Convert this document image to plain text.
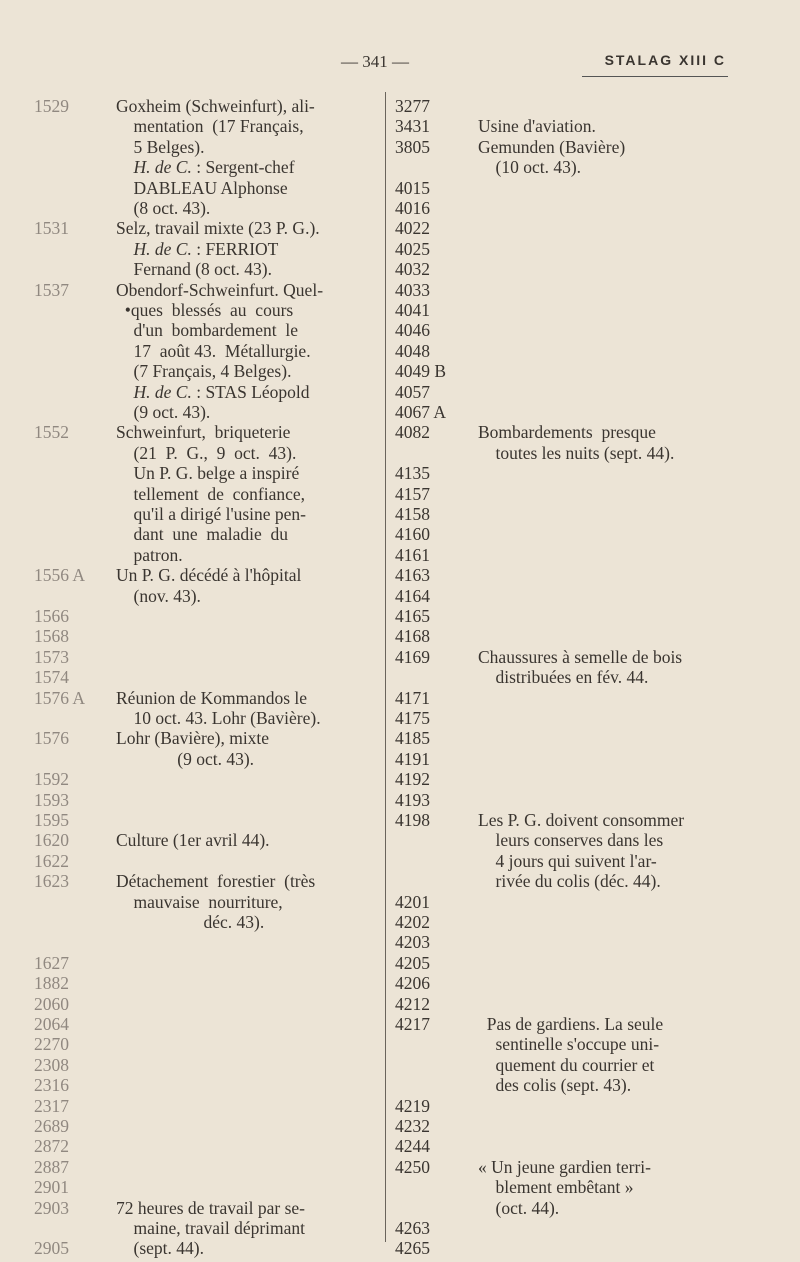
— 341 —	STALAG XIII C
1529
1531
1537
1552
1556 A
1566
1568
1573
1574
1576 A
1576
1592
1593
1595
1620
1622
1623
1627
1882
2060
2064
2270
2308
2316
2317
2689
2872
2887
2901
2903
2905
Goxheim (Schweinfurt), ali-
mentation  (17 Français,
5 Belges).
H. de C. : Sergent-chef
DABLEAU Alphonse
(8 oct. 43).
Selz, travail mixte (23 P. G.).
H. de C. : FERRIOT
Fernand (8 oct. 43).
Obendorf-Schweinfurt. Quel-
•ques  blessés  au  cours
d'un  bombardement  le
17  août 43.  Métallurgie.
(7 Français, 4 Belges).
H. de C. : STAS Léopold
(9 oct. 43).
Schweinfurt,  briqueterie
(21  P.  G.,  9  oct.  43).
Un P. G. belge a inspiré
tellement  de  confiance,
qu'il a dirigé l'usine pen-
dant  une  maladie  du
patron.
Un P. G. décédé à l'hôpital
(nov. 43).
Réunion de Kommandos le
10 oct. 43. Lohr (Bavière).
Lohr (Bavière), mixte
(9 oct. 43).
Culture (1er avril 44).
Détachement  forestier  (très
mauvaise  nourriture,
déc. 43).
72 heures de travail par se-
maine, travail déprimant
(sept. 44).
3277
3431
3805
4015
4016
4022
4025
4032
4033
4041
4046
4048
4049 B
4057
4067 A
4082
4135
4157
4158
4160
4161
4163
4164
4165
4168
4169
4171
4175
4185
4191
4192
4193
4198
4201
4202
4203
4205
4206
4212
4217
4219
4232
4244
4250
4263
4265
Usine d'aviation.
Gemunden (Bavière)
(10 oct. 43).
Bombardements  presque
toutes les nuits (sept. 44).
Chaussures à semelle de bois
distribuées en fév. 44.
Les P. G. doivent consommer
leurs conserves dans les
4 jours qui suivent l'ar-
rivée du colis (déc. 44).
Pas de gardiens. La seule
sentinelle s'occupe uni-
quement du courrier et
des colis (sept. 43).
« Un jeune gardien terri-
blement embêtant »
(oct. 44).
